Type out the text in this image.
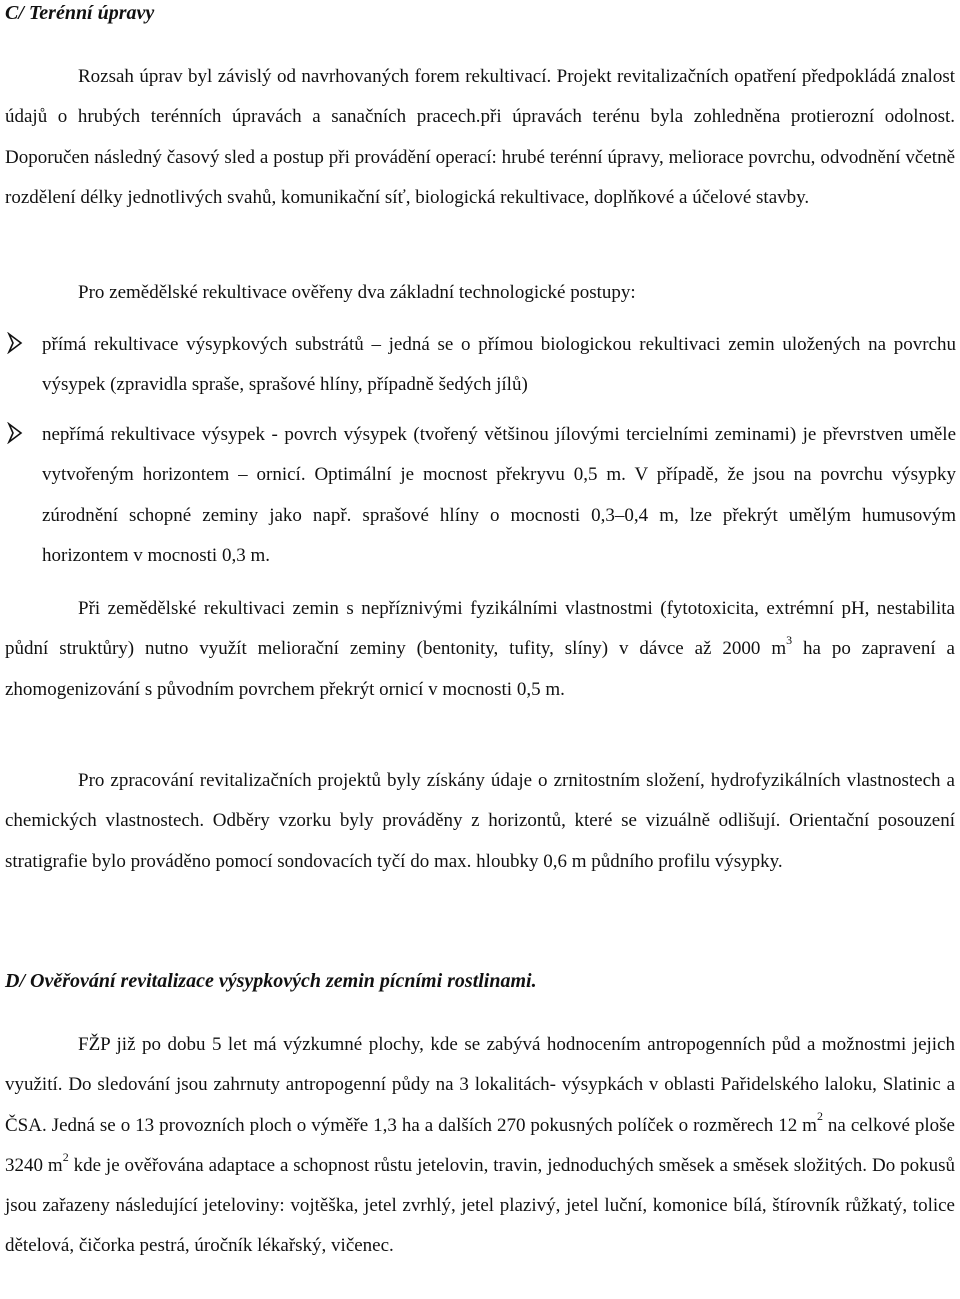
C/ Terénní úpravy

Rozsah úprav byl závislý od navrhovaných forem rekultivací. Projekt revitalizačních opatření předpokládá znalost údajů o hrubých terénních úpravách a sanačních pracech.při úpravách terénu byla zohledněna protierozní odolnost. Doporučen následný časový sled a postup při provádění operací: hrubé terénní úpravy, meliorace povrchu, odvodnění včetně rozdělení délky jednotlivých svahů, komunikační síť, biologická rekultivace, doplňkové a účelové stavby.

Pro zemědělské rekultivace ověřeny dva základní technologické postupy:

přímá rekultivace výsypkových substrátů – jedná se o přímou biologickou rekultivaci zemin uložených na povrchu výsypek (zpravidla spraše, sprašové hlíny, případně šedých jílů)

nepřímá rekultivace výsypek - povrch výsypek (tvořený většinou jílovými tercielními zeminami) je převrstven uměle vytvořeným horizontem – ornicí. Optimální je mocnost překryvu 0,5 m. V případě, že jsou na povrchu výsypky zúrodnění schopné zeminy jako např. sprašové hlíny o mocnosti 0,3–0,4 m, lze překrýt umělým humusovým horizontem v mocnosti 0,3 m.

Při zemědělské rekultivaci zemin s nepříznivými fyzikálními vlastnostmi (fytotoxicita, extrémní pH, nestabilita půdní struktůry) nutno využít meliorační zeminy (bentonity, tufity, slíny) v dávce až 2000 $m^3$ ha po zapravení a zhomogenizování s původním povrchem překrýt ornicí v mocnosti 0,5 m.

Pro zpracování revitalizačních projektů byly získány údaje o zrnitostním složení, hydrofyzikálních vlastnostech a chemických vlastnostech. Odběry vzorku byly prováděny z horizontů, které se vizuálně odlišují. Orientační posouzení stratigrafie bylo prováděno pomocí sondovacích tyčí do max. hloubky 0,6 m půdního profilu výsypky.

D/ Ověřování revitalizace výsypkových zemin pícními rostlinami.

FŽP již po dobu 5 let má výzkumné plochy, kde se zabývá hodnocením antropogenních půd a možnostmi jejich využití. Do sledování jsou zahrnuty antropogenní půdy na 3 lokalitách- výsypkách v oblasti Pařidelského laloku, Slatinic a ČSA. Jedná se o 13 provozních ploch o výměře 1,3 ha a dalších 270 pokusných políček o rozměrech 12 $m^2$ na celkové ploše 3240 $m^2$ kde je ověřována adaptace a schopnost růstu jetelovin, travin, jednoduchých směsek a směsek složitých. Do pokusů jsou zařazeny následující jeteloviny: vojtěška, jetel zvrhlý, jetel plazivý, jetel luční, komonice bílá, štírovník růžkatý, tolice dětelová, čičorka pestrá, úročník lékařský, vičenec.
